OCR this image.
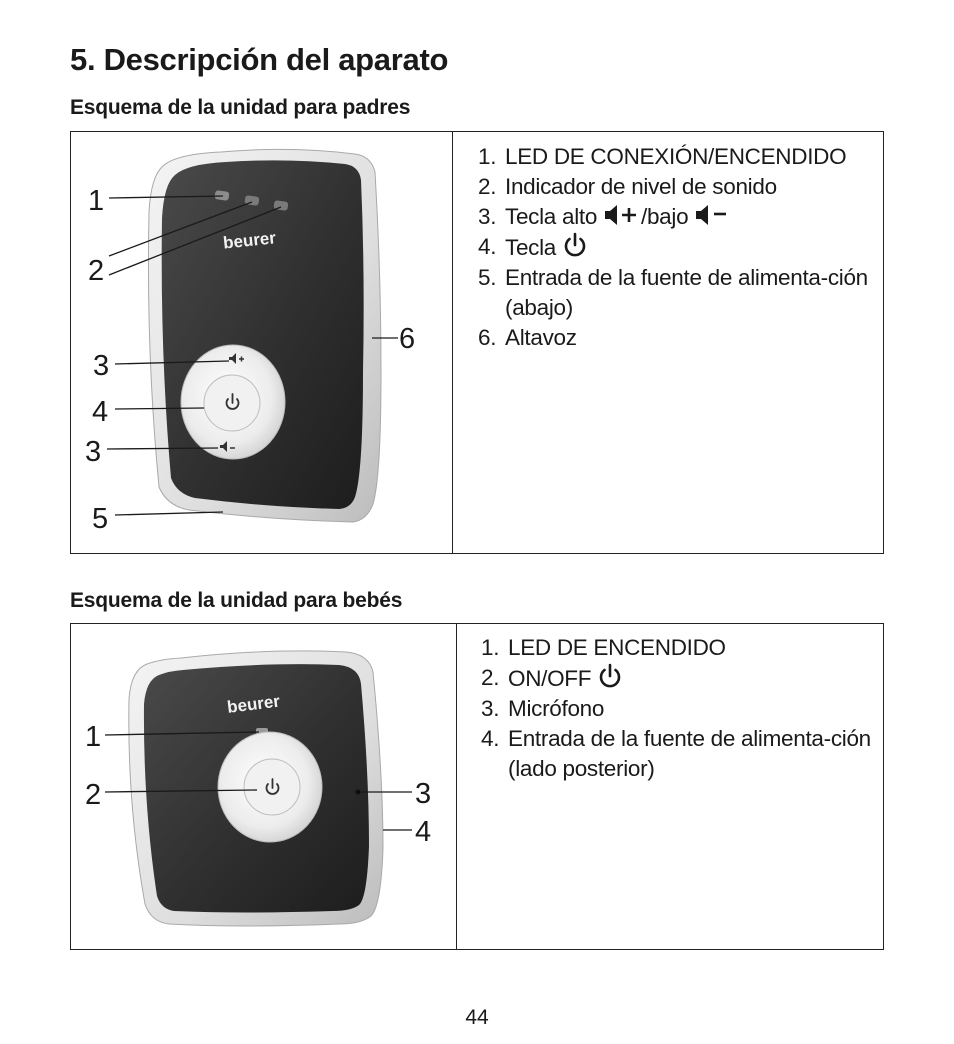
5. Descripción del aparato
Esquema de la unidad para padres
beurer
1
2
3
4
3
5
6
1. LED DE CONEXIÓN/ENCENDIDO
2. Indicador de nivel de sonido
3. Tecla alto /bajo
4. Tecla
5. Entrada de la fuente de alimenta-ción (abajo)
6. Altavoz
Esquema de la unidad para bebés
beurer
1
2	3
4
1. LED DE ENCENDIDO
2. ON/OFF
3. Micrófono
4. Entrada de la fuente de alimenta-ción (lado posterior)
44
